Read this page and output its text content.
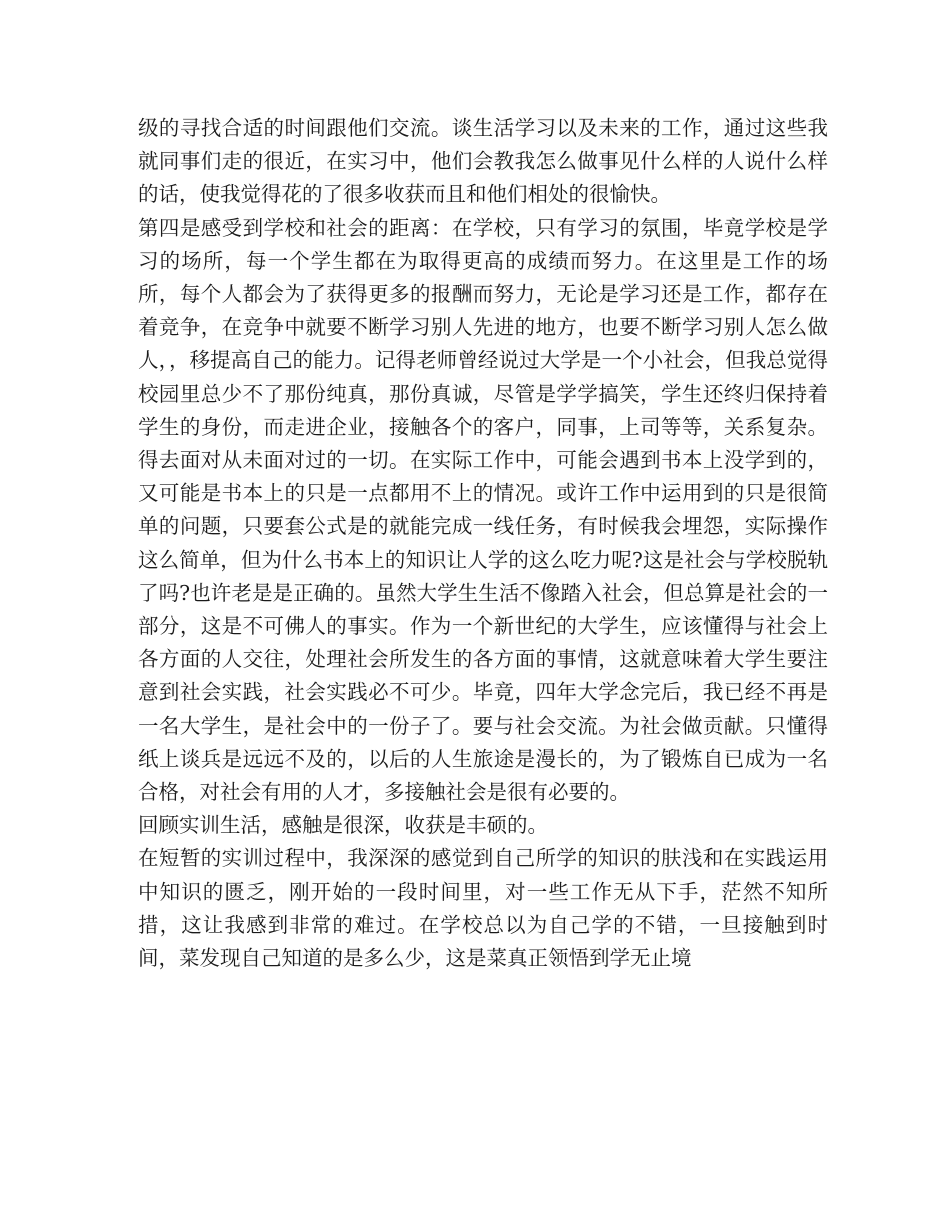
级的寻找合适的时间跟他们交流。谈生活学习以及未来的工作，通过这些我就同事们走的很近，在实习中，他们会教我怎么做事见什么样的人说什么样的话，使我觉得花的了很多收获而且和他们相处的很愉快。

第四是感受到学校和社会的距离：在学校，只有学习的氛围，毕竟学校是学习的场所，每一个学生都在为取得更高的成绩而努力。在这里是工作的场所，每个人都会为了获得更多的报酬而努力，无论是学习还是工作，都存在着竞争，在竞争中就要不断学习别人先进的地方，也要不断学习别人怎么做人，，移提高自己的能力。记得老师曾经说过大学是一个小社会，但我总觉得校园里总少不了那份纯真，那份真诚，尽管是学学搞笑，学生还终归保持着学生的身份，而走进企业，接触各个的客户，同事，上司等等，关系复杂。得去面对从未面对过的一切。在实际工作中，可能会遇到书本上没学到的，又可能是书本上的只是一点都用不上的情况。或许工作中运用到的只是很简单的问题，只要套公式是的就能完成一线任务，有时候我会埋怨，实际操作这么简单，但为什么书本上的知识让人学的这么吃力呢?这是社会与学校脱轨了吗?也许老是是正确的。虽然大学生生活不像踏入社会，但总算是社会的一部分，这是不可佛人的事实。作为一个新世纪的大学生，应该懂得与社会上各方面的人交往，处理社会所发生的各方面的事情，这就意味着大学生要注意到社会实践，社会实践必不可少。毕竟，四年大学念完后，我已经不再是一名大学生，是社会中的一份子了。要与社会交流。为社会做贡献。只懂得纸上谈兵是远远不及的，以后的人生旅途是漫长的，为了锻炼自已成为一名合格，对社会有用的人才，多接触社会是很有必要的。

回顾实训生活，感触是很深，收获是丰硕的。

在短暂的实训过程中，我深深的感觉到自己所学的知识的肤浅和在实践运用中知识的匮乏，刚开始的一段时间里，对一些工作无从下手，茫然不知所措，这让我感到非常的难过。在学校总以为自己学的不错，一旦接触到时间，菜发现自己知道的是多么少，这是菜真正领悟到学无止境
